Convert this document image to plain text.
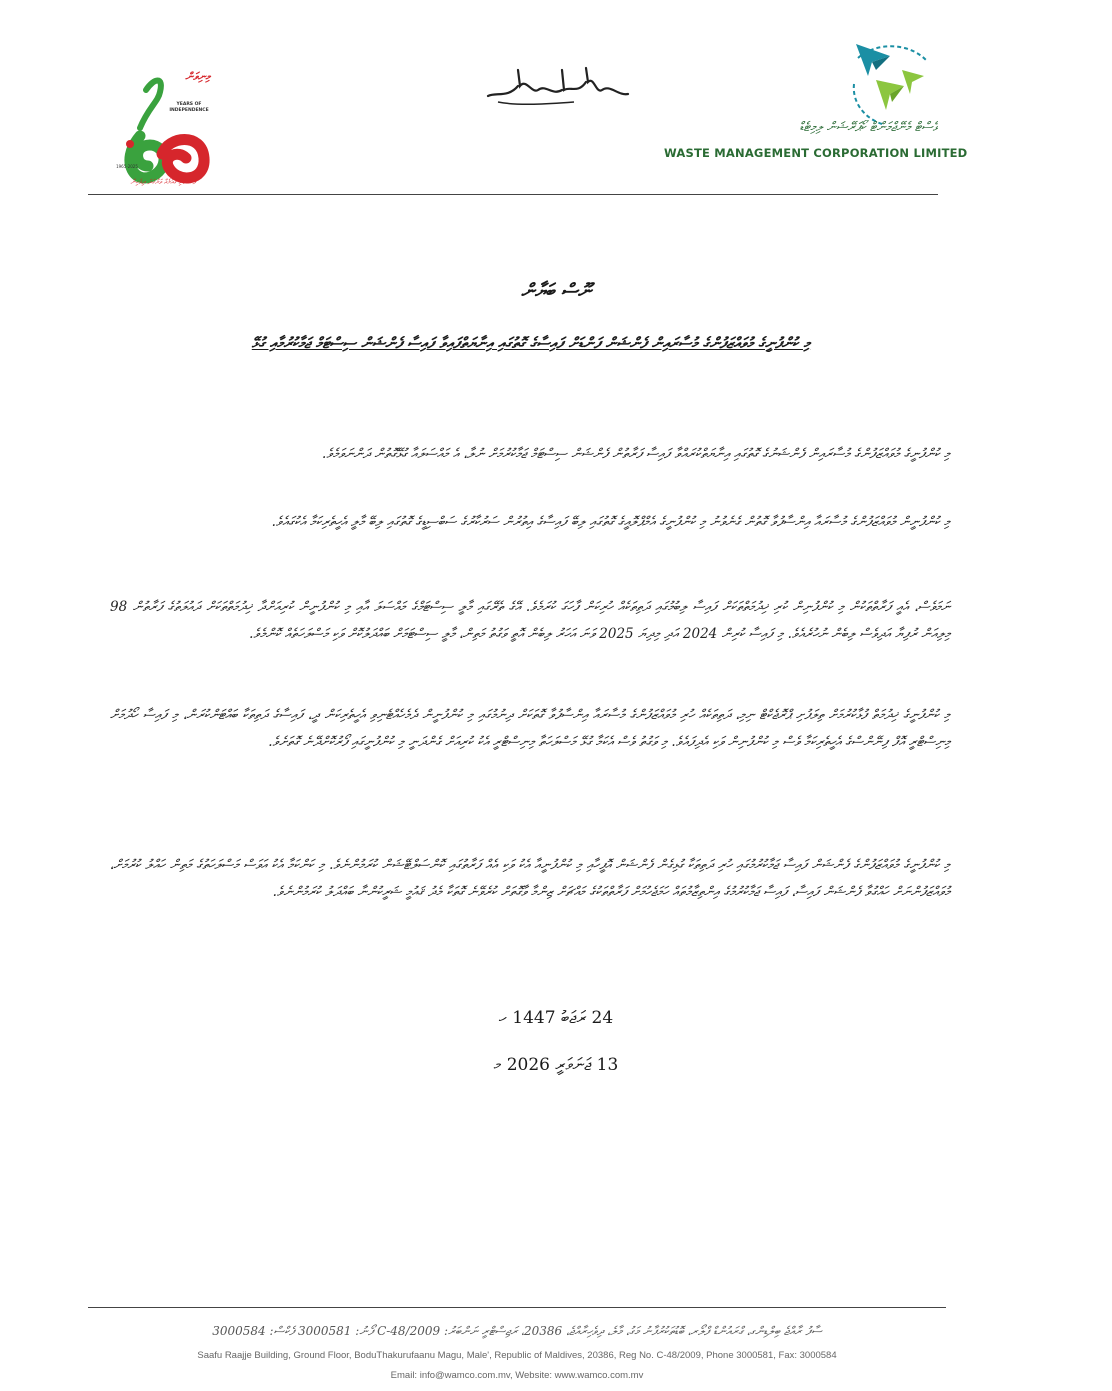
ވޭސްޓް މެނޭޖްމަންޓް ކޯޕަރޭޝަން ލިމިޓެޑް
WASTE MANAGEMENT CORPORATION LIMITED
މިނިވަން
YEARS OF INDEPENDENCE
1965-2025
ފަޚުރުވެރި ޤައުމެއް ވަރުގަދަ ދިވެހިން
ނޫސް ބަޔާން
މި ކުންފުނީގެ މުވައްޒަފުންގެ މުސާރައިން ފެންޝަން ފަންޑަށް ފައިސާގެ ގޮތުގައި އިނާޔަތްފައިވާ ފައިސާ ފެންޝަން ސިސްޓަމް ޖަމާކުރުމާއި ގުޅޭ

މި ކުންފުނީގެ މުވައްޒަފުންގެ މުސާރައިން ފެންޝަނުގެ ގޮތުގައި އިނާޔަތްކުރައްވާ ފައިސާ ފަރާތުން ފެންޝަން ސިސްޓަމް ޖަމާކުރުމަށް ނުލާ، އެ މައްސަލައާ ގުޅޭގޮތުން ދަންނަވަމެވެ.

މި ކުންފުނީން މުވައްޒަފުންގެ މުސާރައާ އިންސާފުވާ ގޮތުން ގެނެވުނު މި ކުންފުނީގެ އެމްޕްލޮއީގެ ގޮތުގައި ލިބޭ ފައިސާގެ އިތުރުން ސަރުކާރުގެ ސަބްސިޑީގެ ގޮތުގައި ލިބޭ މާލީ އެހީތެރިކަމާ އެކުގައެވެ.

ނަމަވެސް، އެއީ ފަރާތްތަކުން މި ކުންފުނިން ކުރި ޚިދުމަތްތަކަށް ފައިސާ ލިބުމުގައި ދަތިތަކެއް ހުރިކަން ފާހަގަ ކުރަމެވެ. އޭގެ ތެރޭގައި މާލީ ސިސްޓަމްގެ މައްސަލަ އާއި މި ކުންފުނީން ކުރިއަށްދާ ޚިދުމަތްތަކަށް ދައުލަތުގެ ފަރާތުން 98 މިލިއަން ރުފިޔާ އަދިވެސް ލިބެން ނުހުރެއެވެ. މި ފައިސާ ކުރިން 2024 އަދި މިދިޔަ 2025 ވަނަ އަހަރު ލިބެން އޮތީ ވަގުތު މަތިން، މާލީ ސިސްޓަމަށް ބައްދަލުކޮށް ވަކި މަސްލަހަތެއް ކޮންމެވެ.

މި ކުންފުނީގެ ޚިދުމަތް ފުޅާކުރުމަށް ތިލަފުށި ޕްރޮޖެކްޓް ނިމި، ދަތިތަކެއް ހުރި މުވައްޒަފުންގެ މުސާރައާ އިންސާފުވާ ގޮތަކަށް ދިނުމުގައި މި ކުންފުނީން ދެމެހެއްޓެނިވި އެހީތެރިކަން ދީ، ފައިސާގެ ދަތިތަކާ ބައްޓަންކުރަން، މި ފައިސާ ހޯދުމަށް މިނިސްޓްރީ އޮފް ފިނޭންސްގެ އެހީތެރިކަމާ ވެސް މި ކުންފުނިން ވަކި އެދިފައެވެ. މި ވަގުތު ވެސް އެކަމާ ގުޅޭ މަސްލަހަތާ މިނިސްޓްރީ އެކު ކުރިއަށް ގެންދަނީ މި ކުންފުނީގައި ފޯރުކޮށްދޭނެ ގޮތަށެވެ.

މި ކުންފުނީގެ މުވައްޒަފުންގެ ފެންޝަން ފައިސާ ޖަމާކުރުމުގައި ހުރި ދަތިތަކާ ގުޅިގެން ފެންޝަން އޮފީހާއި މި ކުންފުނީއާ އެކު ވަކި އެއް ފަރާތުގައި ކޮންސަލްޓޭޝަން ކުރަމުންނެވެ. މި ކަންކަމާ އެކު އަވަސް މަސްލަހަތުގެ މަތިން ހައްލު ކުރުމަށް، މުވައްޒަފުންނަށް ހައްގުވާ ފެންޝަން ފައިސާ، ފައިސާ ޖަމާކުރުމުގެ އިންތިޒާމުތައް ހަމަޖެހުމަށް ފަރާތްތަކުގެ މައްޗަށް ޒިންމާ ވާގޮތަށް ކުރެވޭނެ ގޮތަކާ މެދު ޤައުމީ ޝަރީކުންނާ ބައްދަލު ކުރަމުންނެވެ.

24 ރަޖަބު 1447 ހ
13 ޖަނަވަރީ 2026 މ
ސާފު ރާއްޖެ ބިލްޑިންގ، ގްރައުންޑް ފްލޯރ، ބޮޑުތަކުރުފާނު މަގު، މާލެ، ދިވެހިރާއްޖެ، 20386، ރަޖިސްޓްރީ ނަންބަރު: C-48/2009 ފޯނު: 3000581 ފެކްސް: 3000584
Saafu Raajje Building, Ground Floor, BoduThakurufaanu Magu, Male', Republic of Maldives, 20386, Reg No. C-48/2009, Phone 3000581, Fax: 3000584
Email: info@wamco.com.mv, Website: www.wamco.com.mv
